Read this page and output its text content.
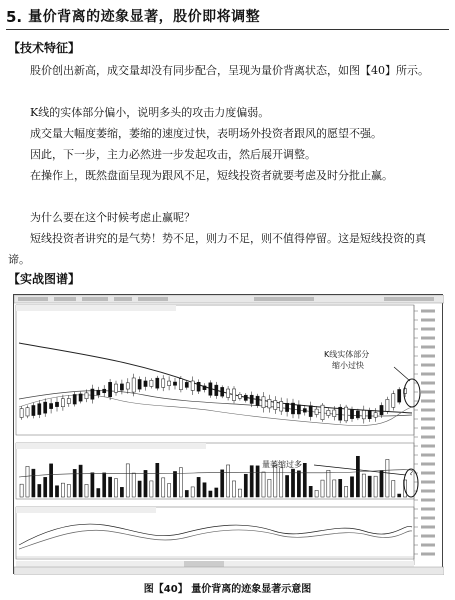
5. 量价背离的迹象显著，股价即将调整
【技术特征】

股价创出新高，成交量却没有同步配合，呈现为量价背离状态，如图【40】所示。

K线的实体部分偏小，说明多头的攻击力度偏弱。

成交量大幅度萎缩，萎缩的速度过快，表明场外投资者跟风的愿望不强。

因此，下一步，主力必然进一步发起攻击，然后展开调整。

在操作上，既然盘面呈现为跟风不足，短线投资者就要考虑及时分批止赢。

为什么要在这个时候考虑止赢呢？

短线投资者讲究的是气势！势不足，则力不足，则不值得停留。这是短线投资的真谛。

【实战图谱】
K线实体部分
缩小过快
量萎缩过多
图【40】 量价背离的迹象显著示意图
